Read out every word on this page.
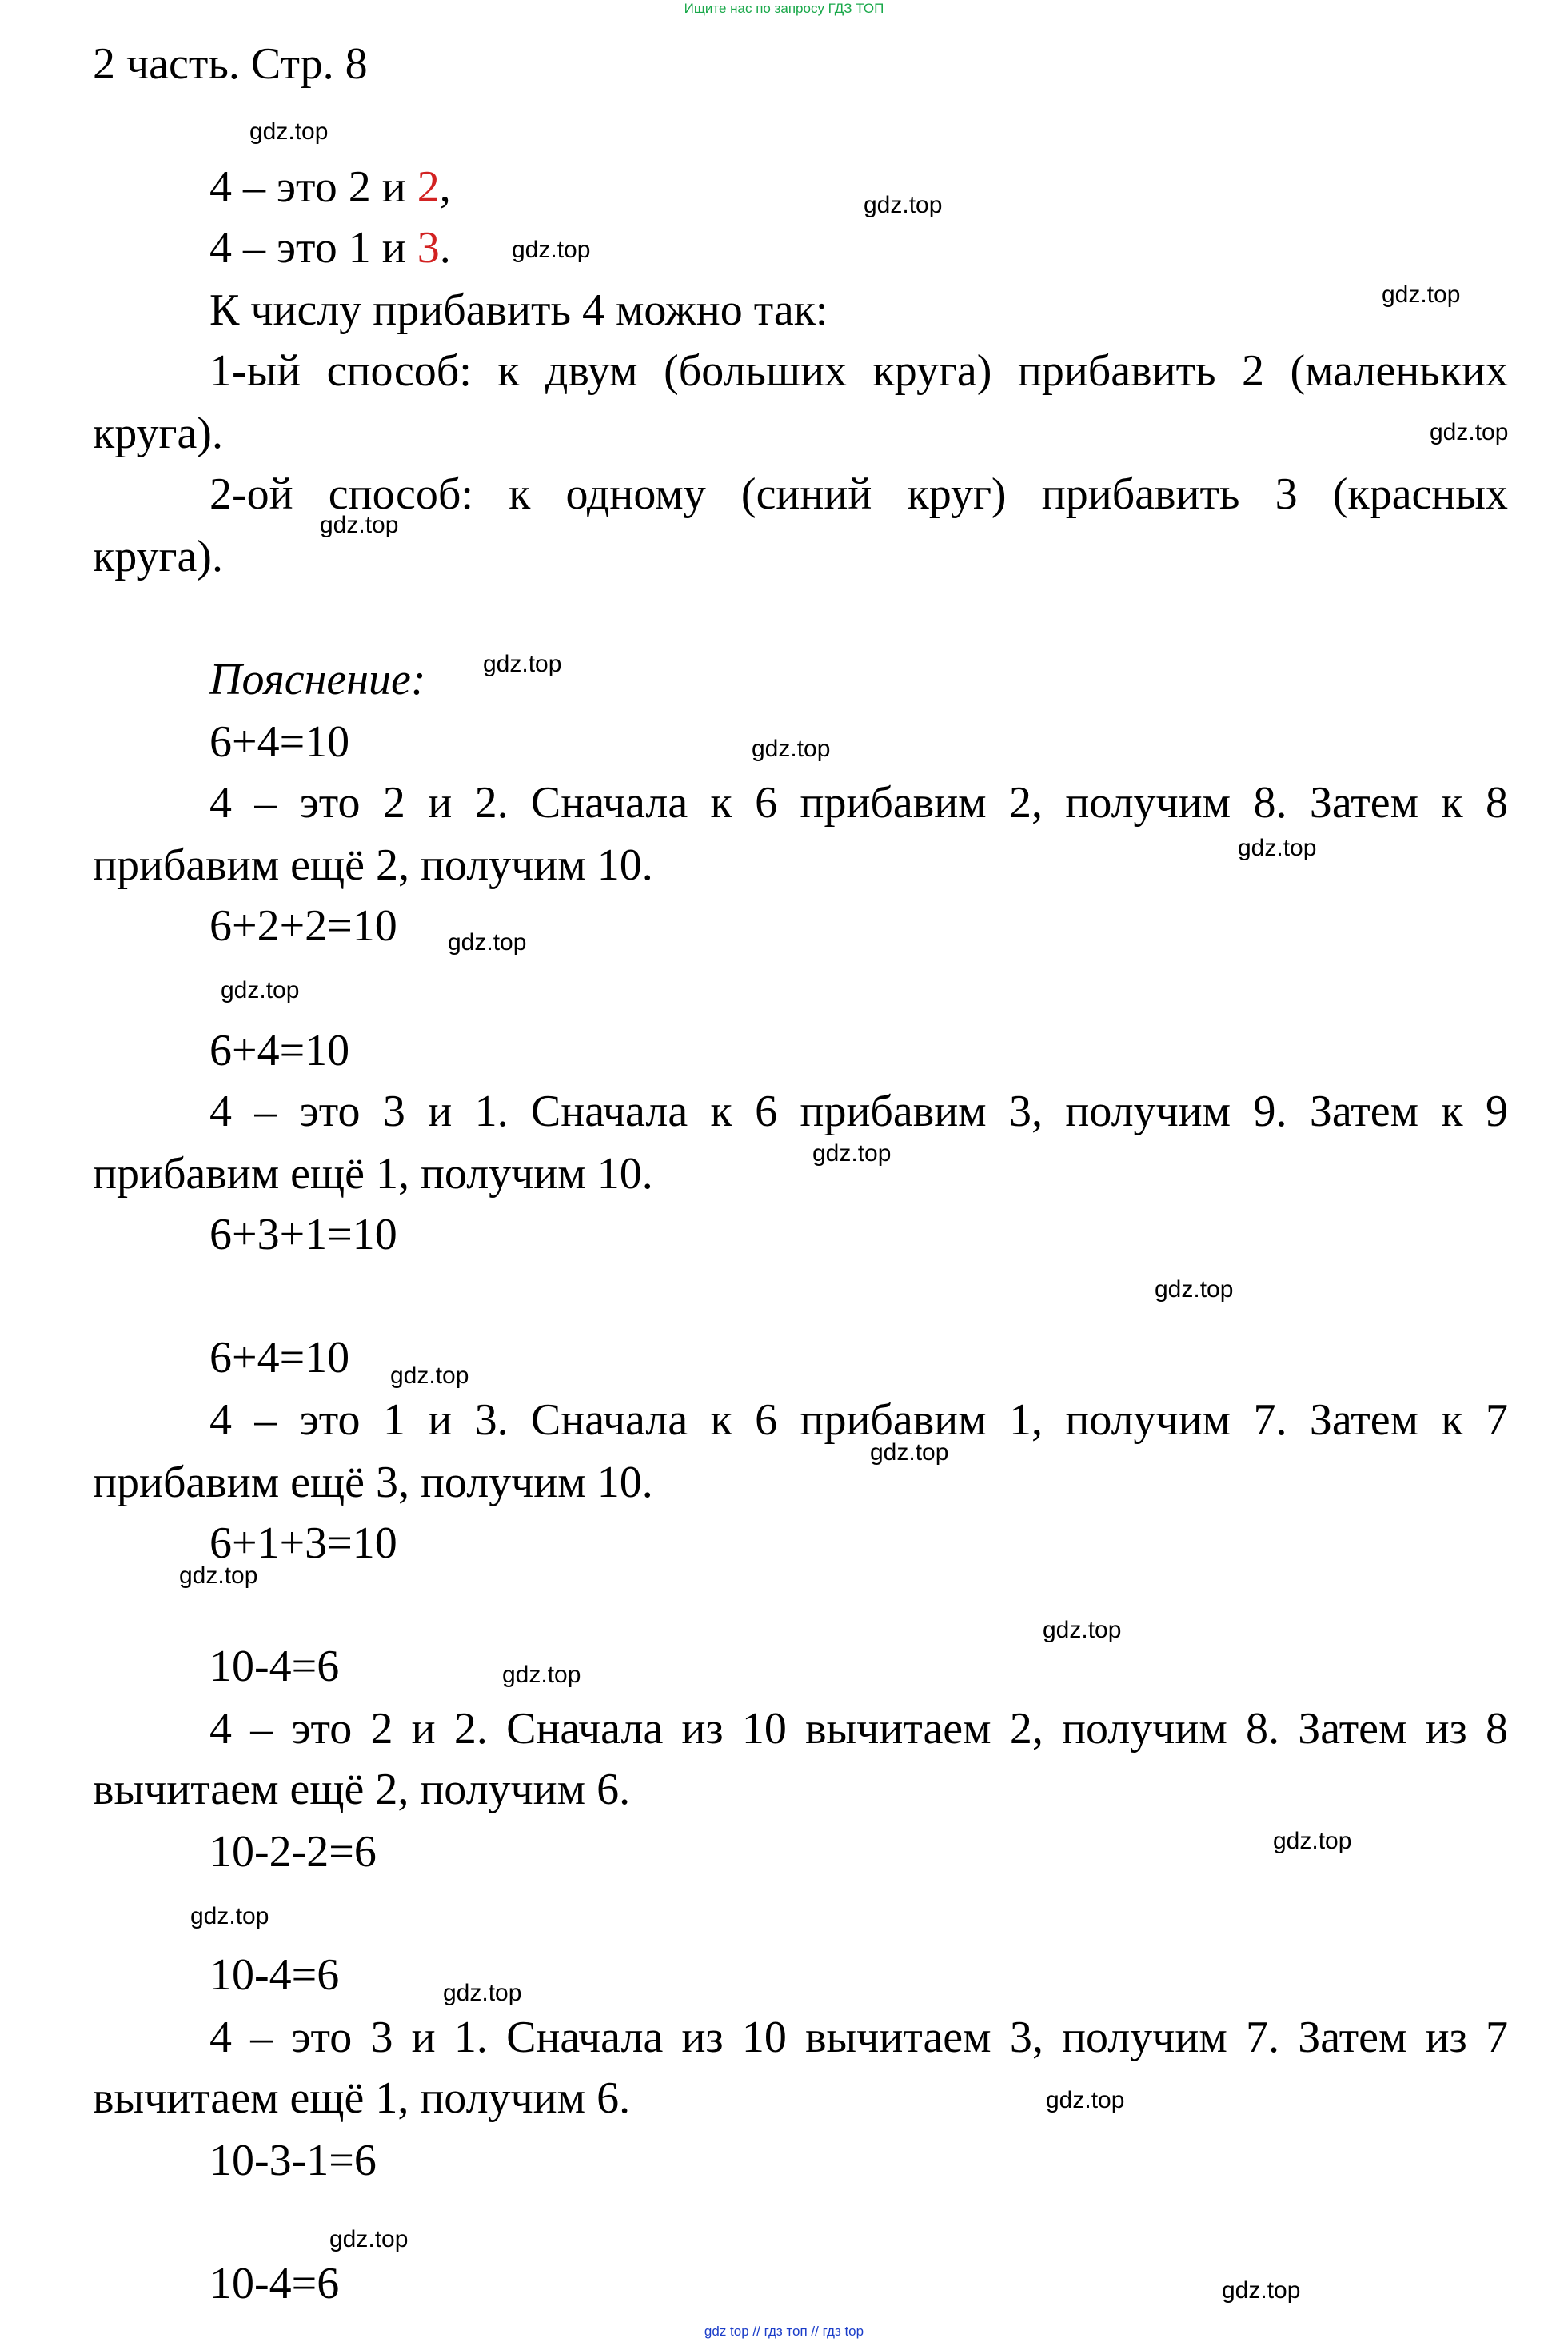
Ищите нас по запросу ГДЗ ТОП
2 часть. Стр. 8
4 – это 2 и 2,
4 – это 1 и 3.
К числу прибавить 4 можно так:
1-ый способ: к двум (больших круга) прибавить 2 (маленьких
круга).
2-ой способ: к одному (синий круг) прибавить 3 (красных
круга).
Пояснение:
6+4=10
4 – это 2 и 2. Сначала к 6 прибавим 2, получим 8. Затем к 8
прибавим ещё 2, получим 10.
6+2+2=10
6+4=10
4 – это 3 и 1. Сначала к 6 прибавим 3, получим 9. Затем к 9
прибавим ещё 1, получим 10.
6+3+1=10
6+4=10
4 – это 1 и 3. Сначала к 6 прибавим 1, получим 7. Затем к 7
прибавим ещё 3, получим 10.
6+1+3=10
10-4=6
4 – это 2 и 2. Сначала из 10 вычитаем 2, получим 8. Затем из 8
вычитаем ещё 2, получим 6.
10-2-2=6
10-4=6
4 – это 3 и 1. Сначала из 10 вычитаем 3, получим 7. Затем из 7
вычитаем ещё 1, получим 6.
10-3-1=6
10-4=6
gdz.top
gdz.top
gdz.top
gdz.top
gdz.top
gdz.top
gdz.top
gdz.top
gdz.top
gdz.top
gdz.top
gdz.top
gdz.top
gdz.top
gdz.top
gdz.top
gdz.top
gdz.top
gdz.top
gdz.top
gdz.top
gdz.top
gdz.top
gdz.top
gdz top // гдз топ // гдз top
